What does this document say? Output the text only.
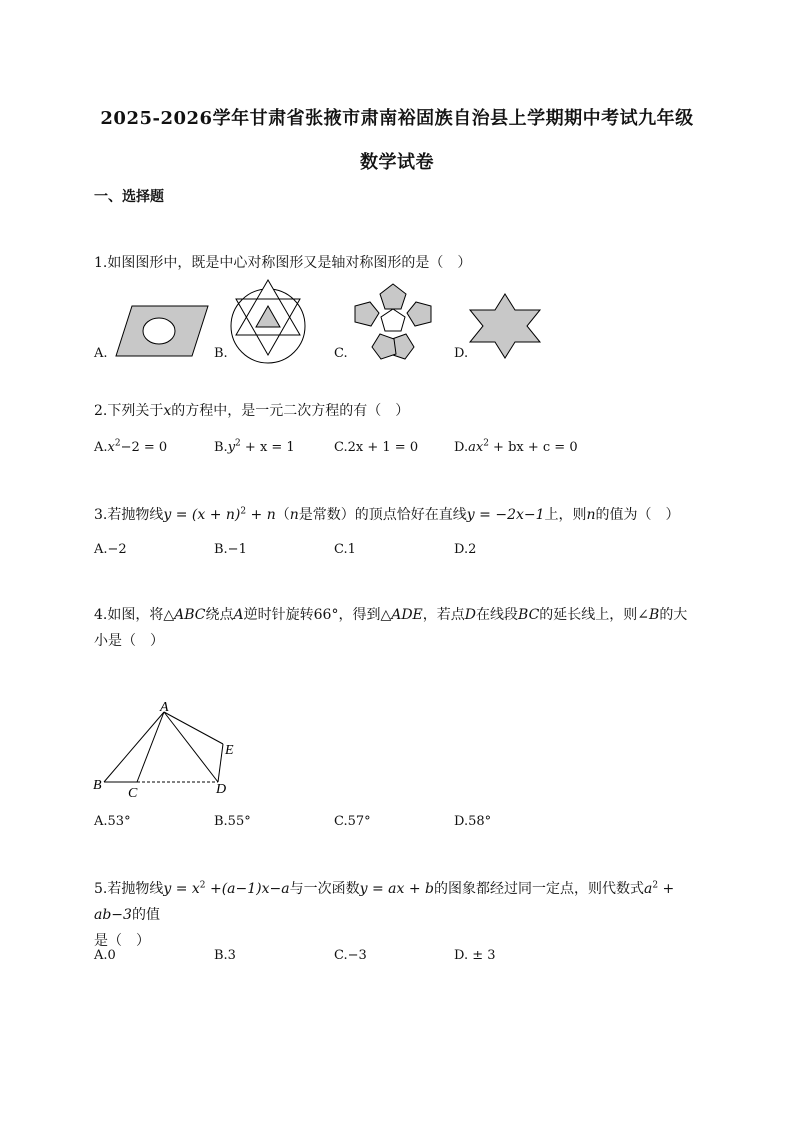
2025-2026学年甘肃省张掖市肃南裕固族自治县上学期期中考试九年级
数学试卷
一、选择题
1.如图图形中，既是中心对称图形又是轴对称图形的是（　）
A.	B.	C.	D.
2.下列关于x的方程中，是一元二次方程的有（　）
$A.x^2-2 = 0$	$B.y^2 + x = 1$	C.2x + 1 = 0	$D.ax^2$ + bx + c = 0
3.若抛物线$y = (x + n)^2 + n(n$是常数）的顶点恰好在直线y = −2x−1上，则n的值为（　）
A.−2	B.−1	C.1	D.2
4.如图，将△ABC绕点A逆时针旋转66°，得到△ADE，若点D在线段BC的延长线上，则∠B的大
小是（　）
A
B
C	D
E
A.53°	B.55°	C.57°	D.58°
5.若抛物线$y = x^2 +(a-1)x-a$与一次函数y = ax + b的图象都经过同一定点，则代数式$a^2 + ab-3$的值
是（　）
A.0	B.3	C.−3	D. ± 3
